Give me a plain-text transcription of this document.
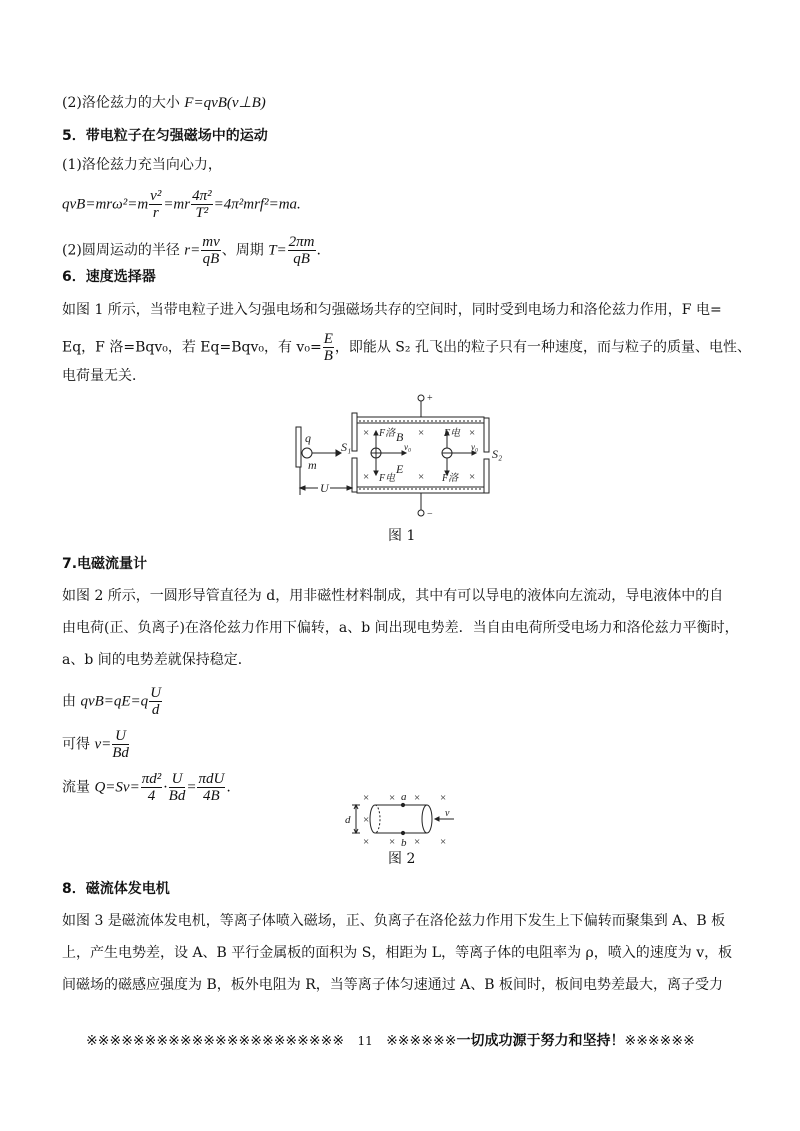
(2)洛伦兹力的大小 F=qvB(v⊥B)
5．带电粒子在匀强磁场中的运动
(1)洛伦兹力充当向心力，
$qvB=mr\omega^2=m \frac{\text{v²}}{r} =mr \frac{\text{4π²}}{\text{T²}} =4\pi^2mrf^2=ma$.
(2)圆周运动的半径 $r= \frac{mv}{qB}$ 、周期 $T= \frac{2\pi m}{qB}$ .
6．速度选择器
如图 1 所示，当带电粒子进入匀强电场和匀强磁场共存的空间时，同时受到电场力和洛伦兹力作用，F 电=
Eq，F 洛=Bqv₀，若 Eq=Bqv₀，有 $v_0= \frac{E}{B}$ ，即能从 S₂ 孔飞出的粒子只有一种速度，而与粒子的质量、电性、
电荷量无关．
q
m
S₁	S₂
U
B
E
F洛
F电
F电
F洛
v₀	v₀
+
−
×	×	×
×	×	×
图 1
7.电磁流量计
如图 2 所示，一圆形导管直径为 d，用非磁性材料制成，其中有可以导电的液体向左流动，导电液体中的自
由电荷(正、负离子)在洛伦兹力作用下偏转，a、b 间出现电势差．当自由电荷所受电场力和洛伦兹力平衡时，
a、b 间的电势差就保持稳定．
由 $qvB=qE=q \frac{U}{d}$
可得 $v= \frac{U}{Bd}$
流量 $Q=Sv= \frac{\text{πd²}}{4} \cdot \frac{U}{Bd} = \frac{\text{πdU}}{4B}$ .
a
b
d
v
× × × ×
×
× × × ×
图 2
8．磁流体发电机
如图 3 是磁流体发电机，等离子体喷入磁场，正、负离子在洛伦兹力作用下发生上下偏转而聚集到 A、B 板
上，产生电势差，设 A、B 平行金属板的面积为 S，相距为 L，等离子体的电阻率为 ρ，喷入的速度为 v，板
间磁场的磁感应强度为 B，板外电阻为 R，当等离子体匀速通过 A、B 板间时，板间电势差最大，离子受力
※※※※※※※※※※※※※※※※※※※※※※ 11 ※※※※※※一切成功源于努力和坚持！※※※※※※
